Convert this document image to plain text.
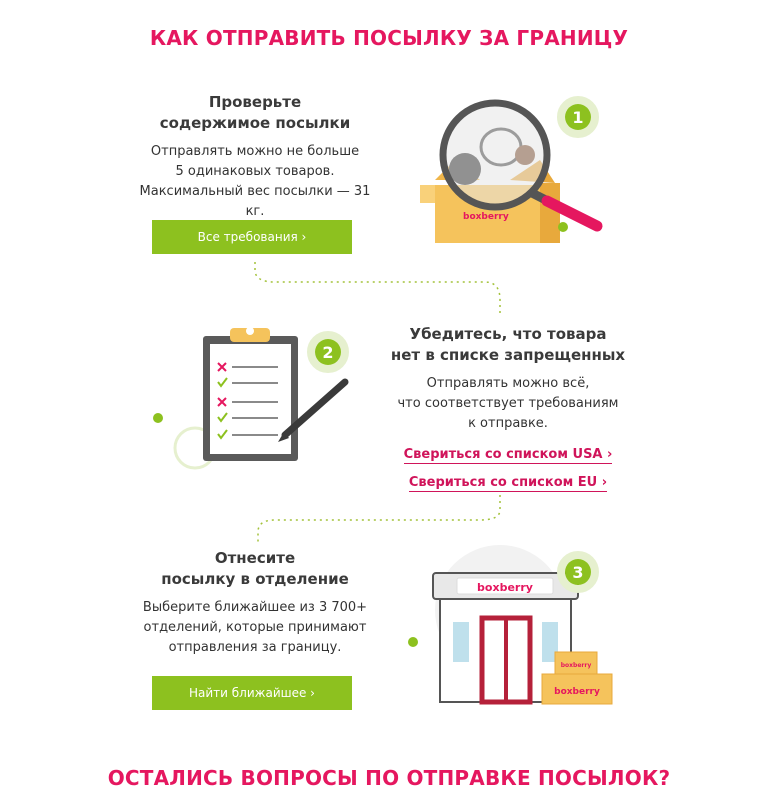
КАК ОТПРАВИТЬ ПОСЫЛКУ ЗА ГРАНИЦУ
Проверьте
содержимое посылки
Отправлять можно не больше
5 одинаковых товаров.
Максимальный вес посылки — 31 кг.
Все требования ›
1
boxberry
2
Убедитесь, что товара
нет в списке запрещенных
Отправлять можно всё,
что соответствует требованиям
к отправке.
Свериться со списком USA ›
Свериться со списком EU ›
Отнесите
посылку в отделение
Выберите ближайшее из 3 700+
отделений, которые принимают
отправления за границу.
Найти ближайшее ›
boxberry
boxberry
boxberry
3
ОСТАЛИСЬ ВОПРОСЫ ПО ОТПРАВКЕ ПОСЫЛОК?
